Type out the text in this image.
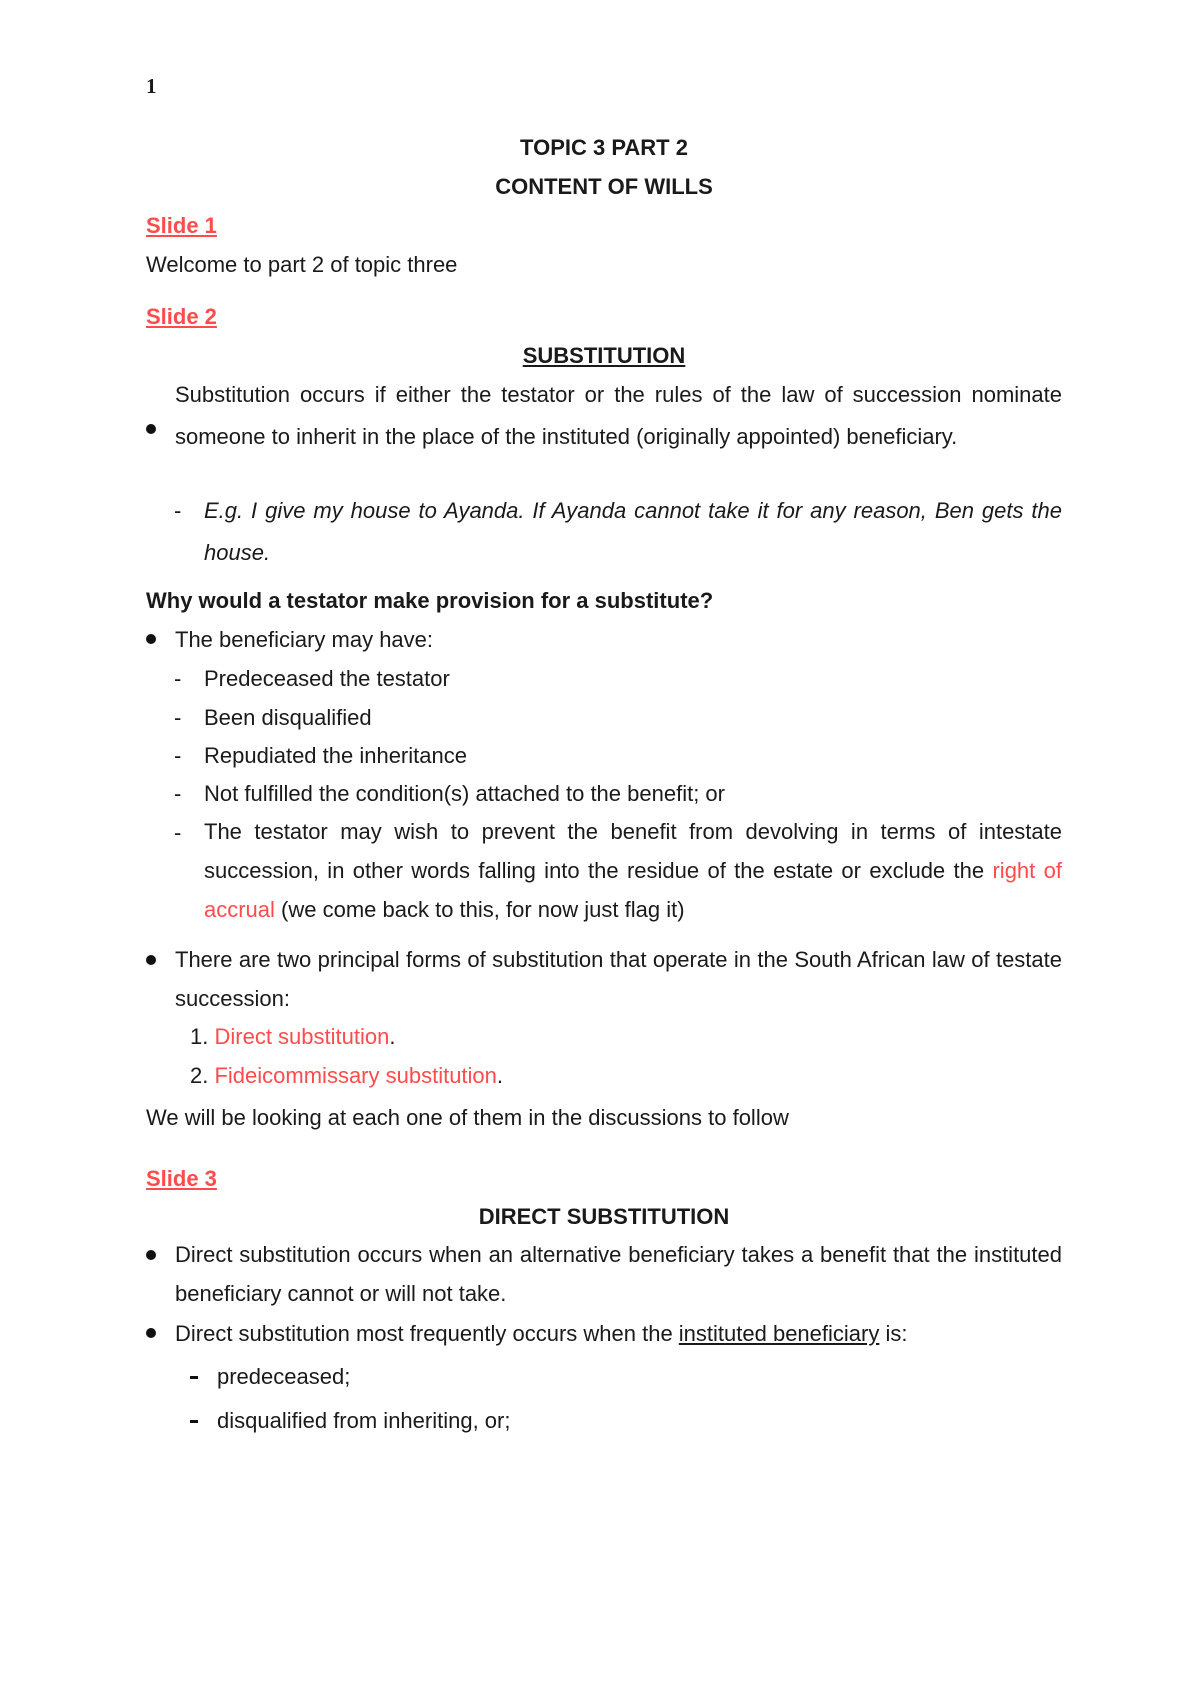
1
TOPIC 3 PART 2
CONTENT OF WILLS
Slide 1
Welcome to part 2 of topic three
Slide 2
SUBSTITUTION
Substitution occurs if either the testator or the rules of the law of succession nominate someone to inherit in the place of the instituted (originally appointed) beneficiary.
- E.g. I give my house to Ayanda. If Ayanda cannot take it for any reason, Ben gets the house.
Why would a testator make provision for a substitute?
The beneficiary may have:
- Predeceased the testator
- Been disqualified
- Repudiated the inheritance
- Not fulfilled the condition(s) attached to the benefit; or
- The testator may wish to prevent the benefit from devolving in terms of intestate succession, in other words falling into the residue of the estate or exclude the right of accrual (we come back to this, for now just flag it)
There are two principal forms of substitution that operate in the South African law of testate succession:
1. Direct substitution.
2. Fideicommissary substitution.
We will be looking at each one of them in the discussions to follow
Slide 3
DIRECT SUBSTITUTION
Direct substitution occurs when an alternative beneficiary takes a benefit that the instituted beneficiary cannot or will not take.
Direct substitution most frequently occurs when the instituted beneficiary is:
predeceased;
disqualified from inheriting, or;
